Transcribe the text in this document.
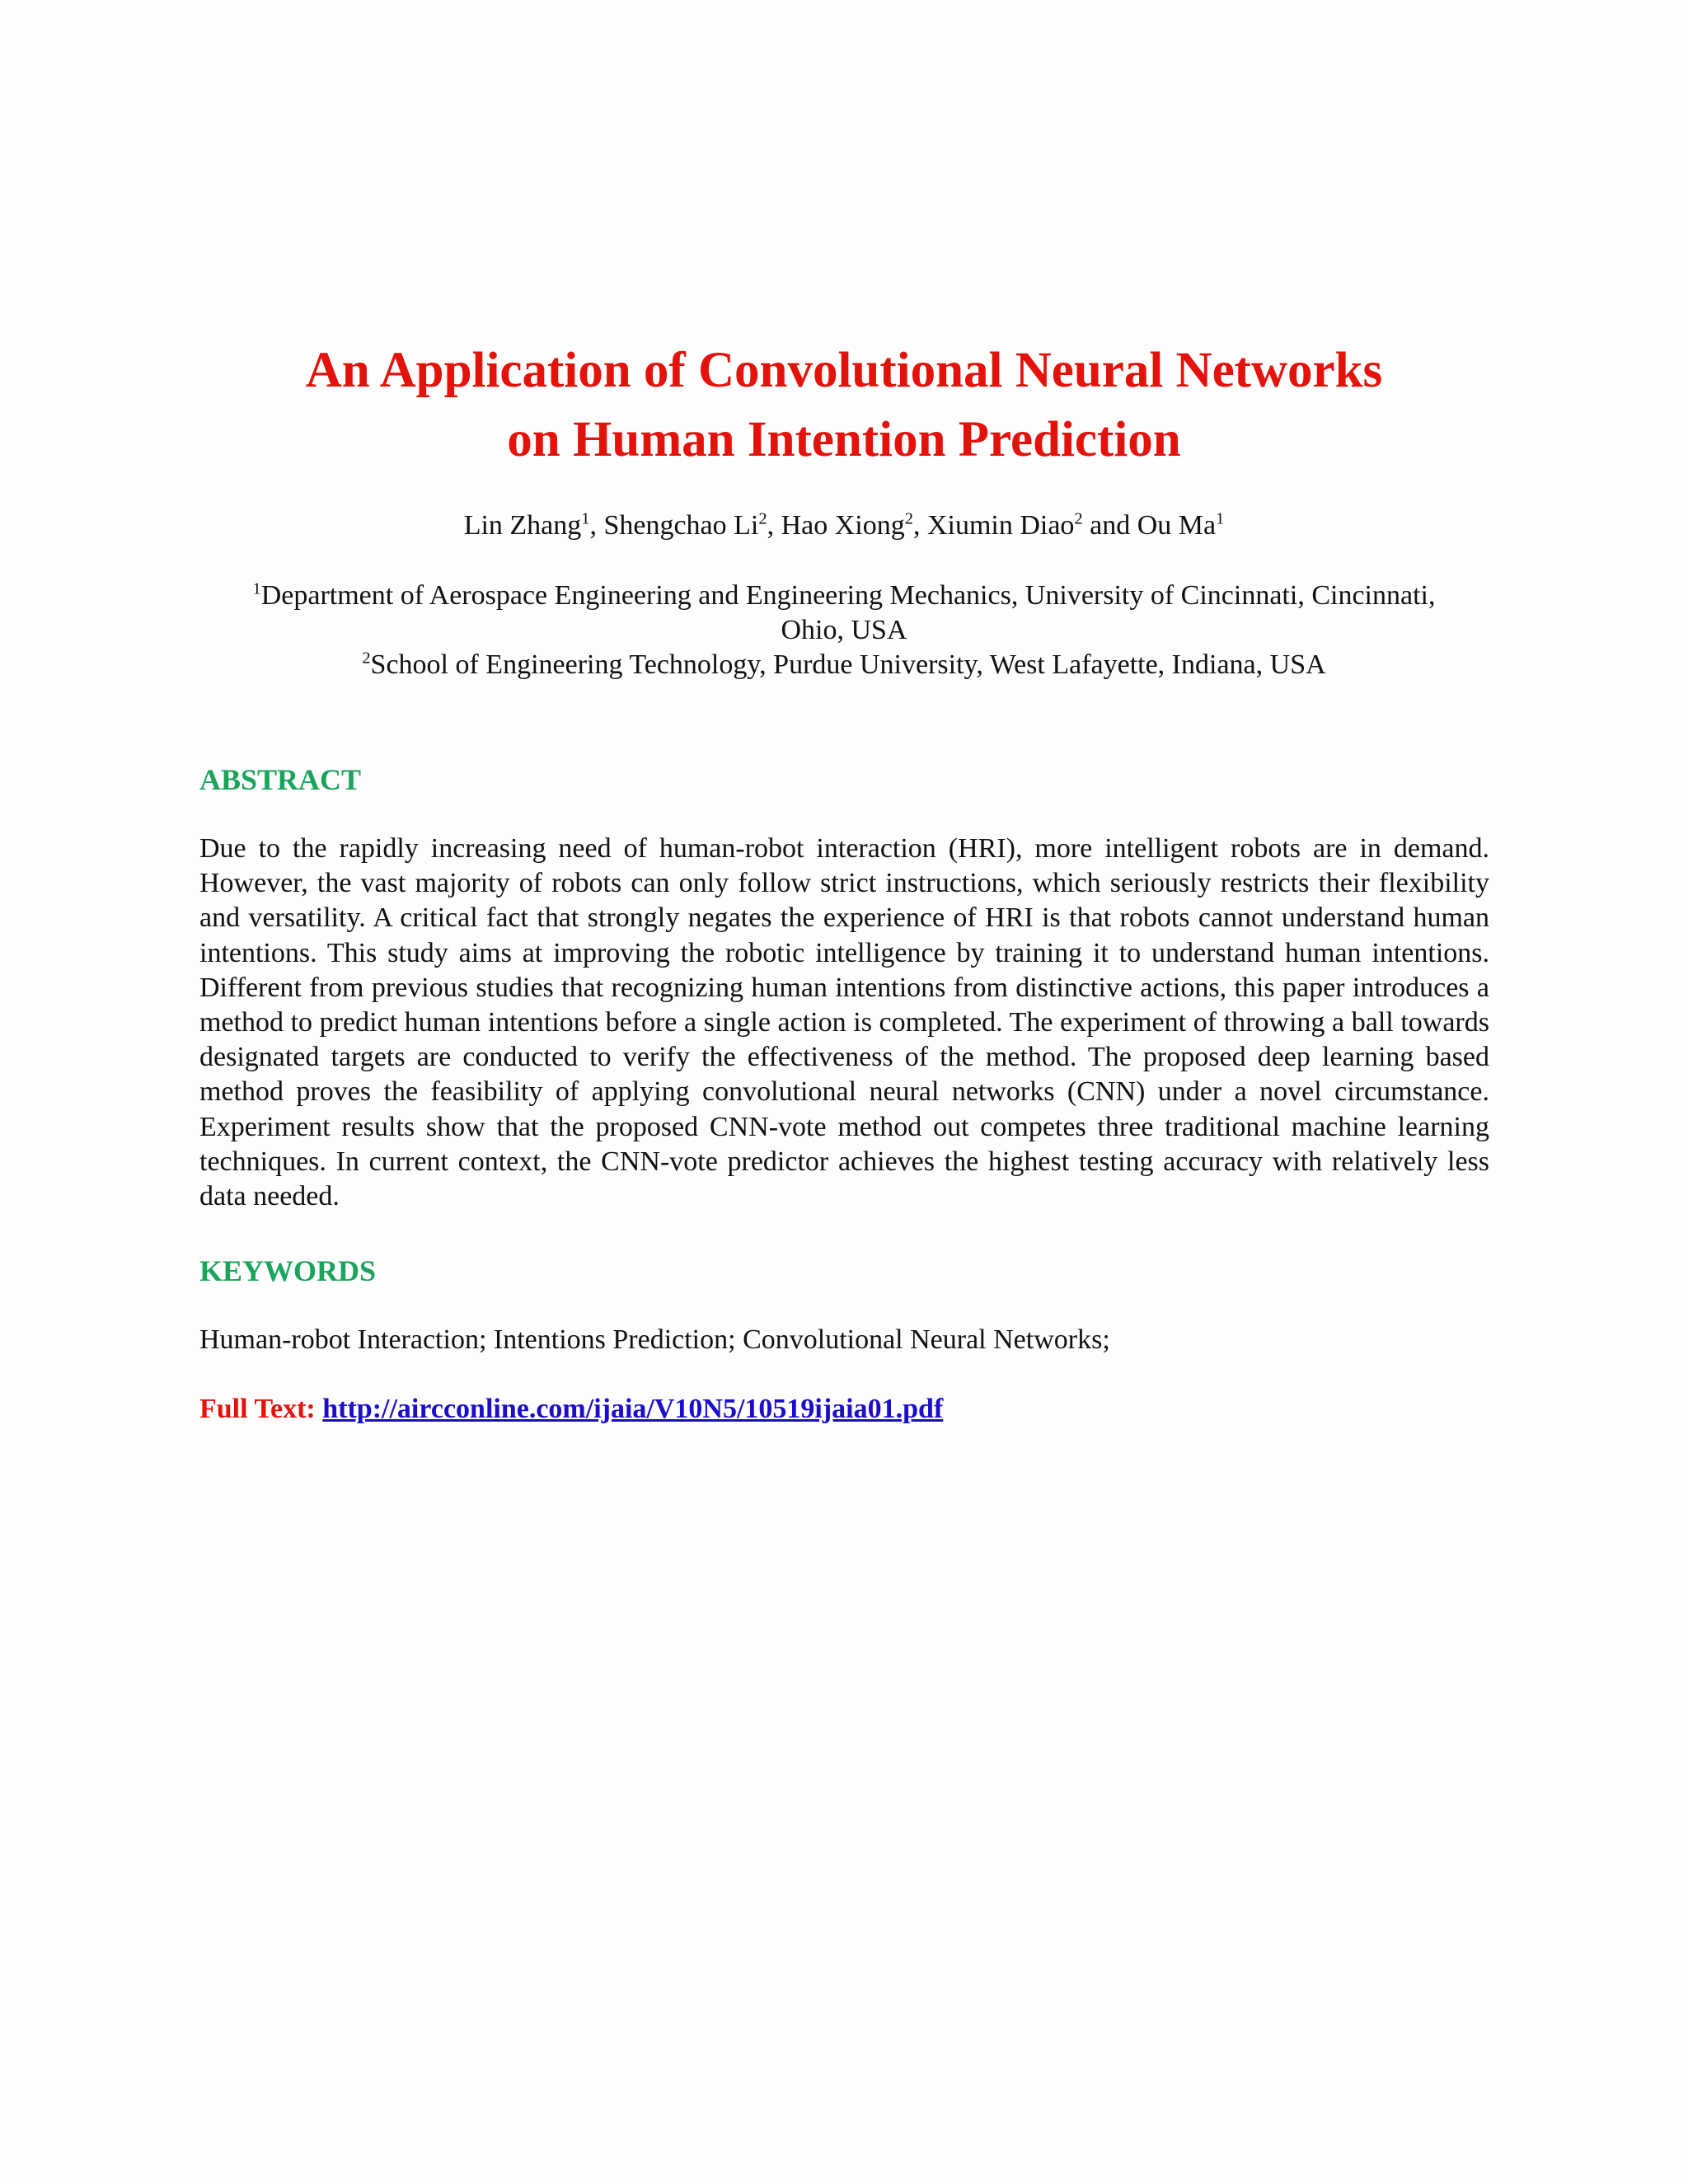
An Application of Convolutional Neural Networks
on Human Intention Prediction
Lin Zhang$^1$, Shengchao Li$^2$, Hao Xiong$^2$, Xiumin Diao$^2$ and Ou Ma$^1$
$^1$Department of Aerospace Engineering and Engineering Mechanics, University of Cincinnati, Cincinnati,
Ohio, USA
$^2$School of Engineering Technology, Purdue University, West Lafayette, Indiana, USA
ABSTRACT

Due to the rapidly increasing need of human-robot interaction (HRI), more intelligent robots are in demand. However, the vast majority of robots can only follow strict instructions, which seriously restricts their flexibility and versatility. A critical fact that strongly negates the experience of HRI is that robots cannot understand human intentions. This study aims at improving the robotic intelligence by training it to understand human intentions. Different from previous studies that recognizing human intentions from distinctive actions, this paper introduces a method to predict human intentions before a single action is completed. The experiment of throwing a ball towards designated targets are conducted to verify the effectiveness of the method. The proposed deep learning based method proves the feasibility of applying convolutional neural networks (CNN) under a novel circumstance. Experiment results show that the proposed CNN-vote method out competes three traditional machine learning techniques. In current context, the CNN-vote predictor achieves the highest testing accuracy with relatively less data needed.

KEYWORDS
Human-robot Interaction; Intentions Prediction; Convolutional Neural Networks;
Full Text: http://aircconline.com/ijaia/V10N5/10519ijaia01.pdf
